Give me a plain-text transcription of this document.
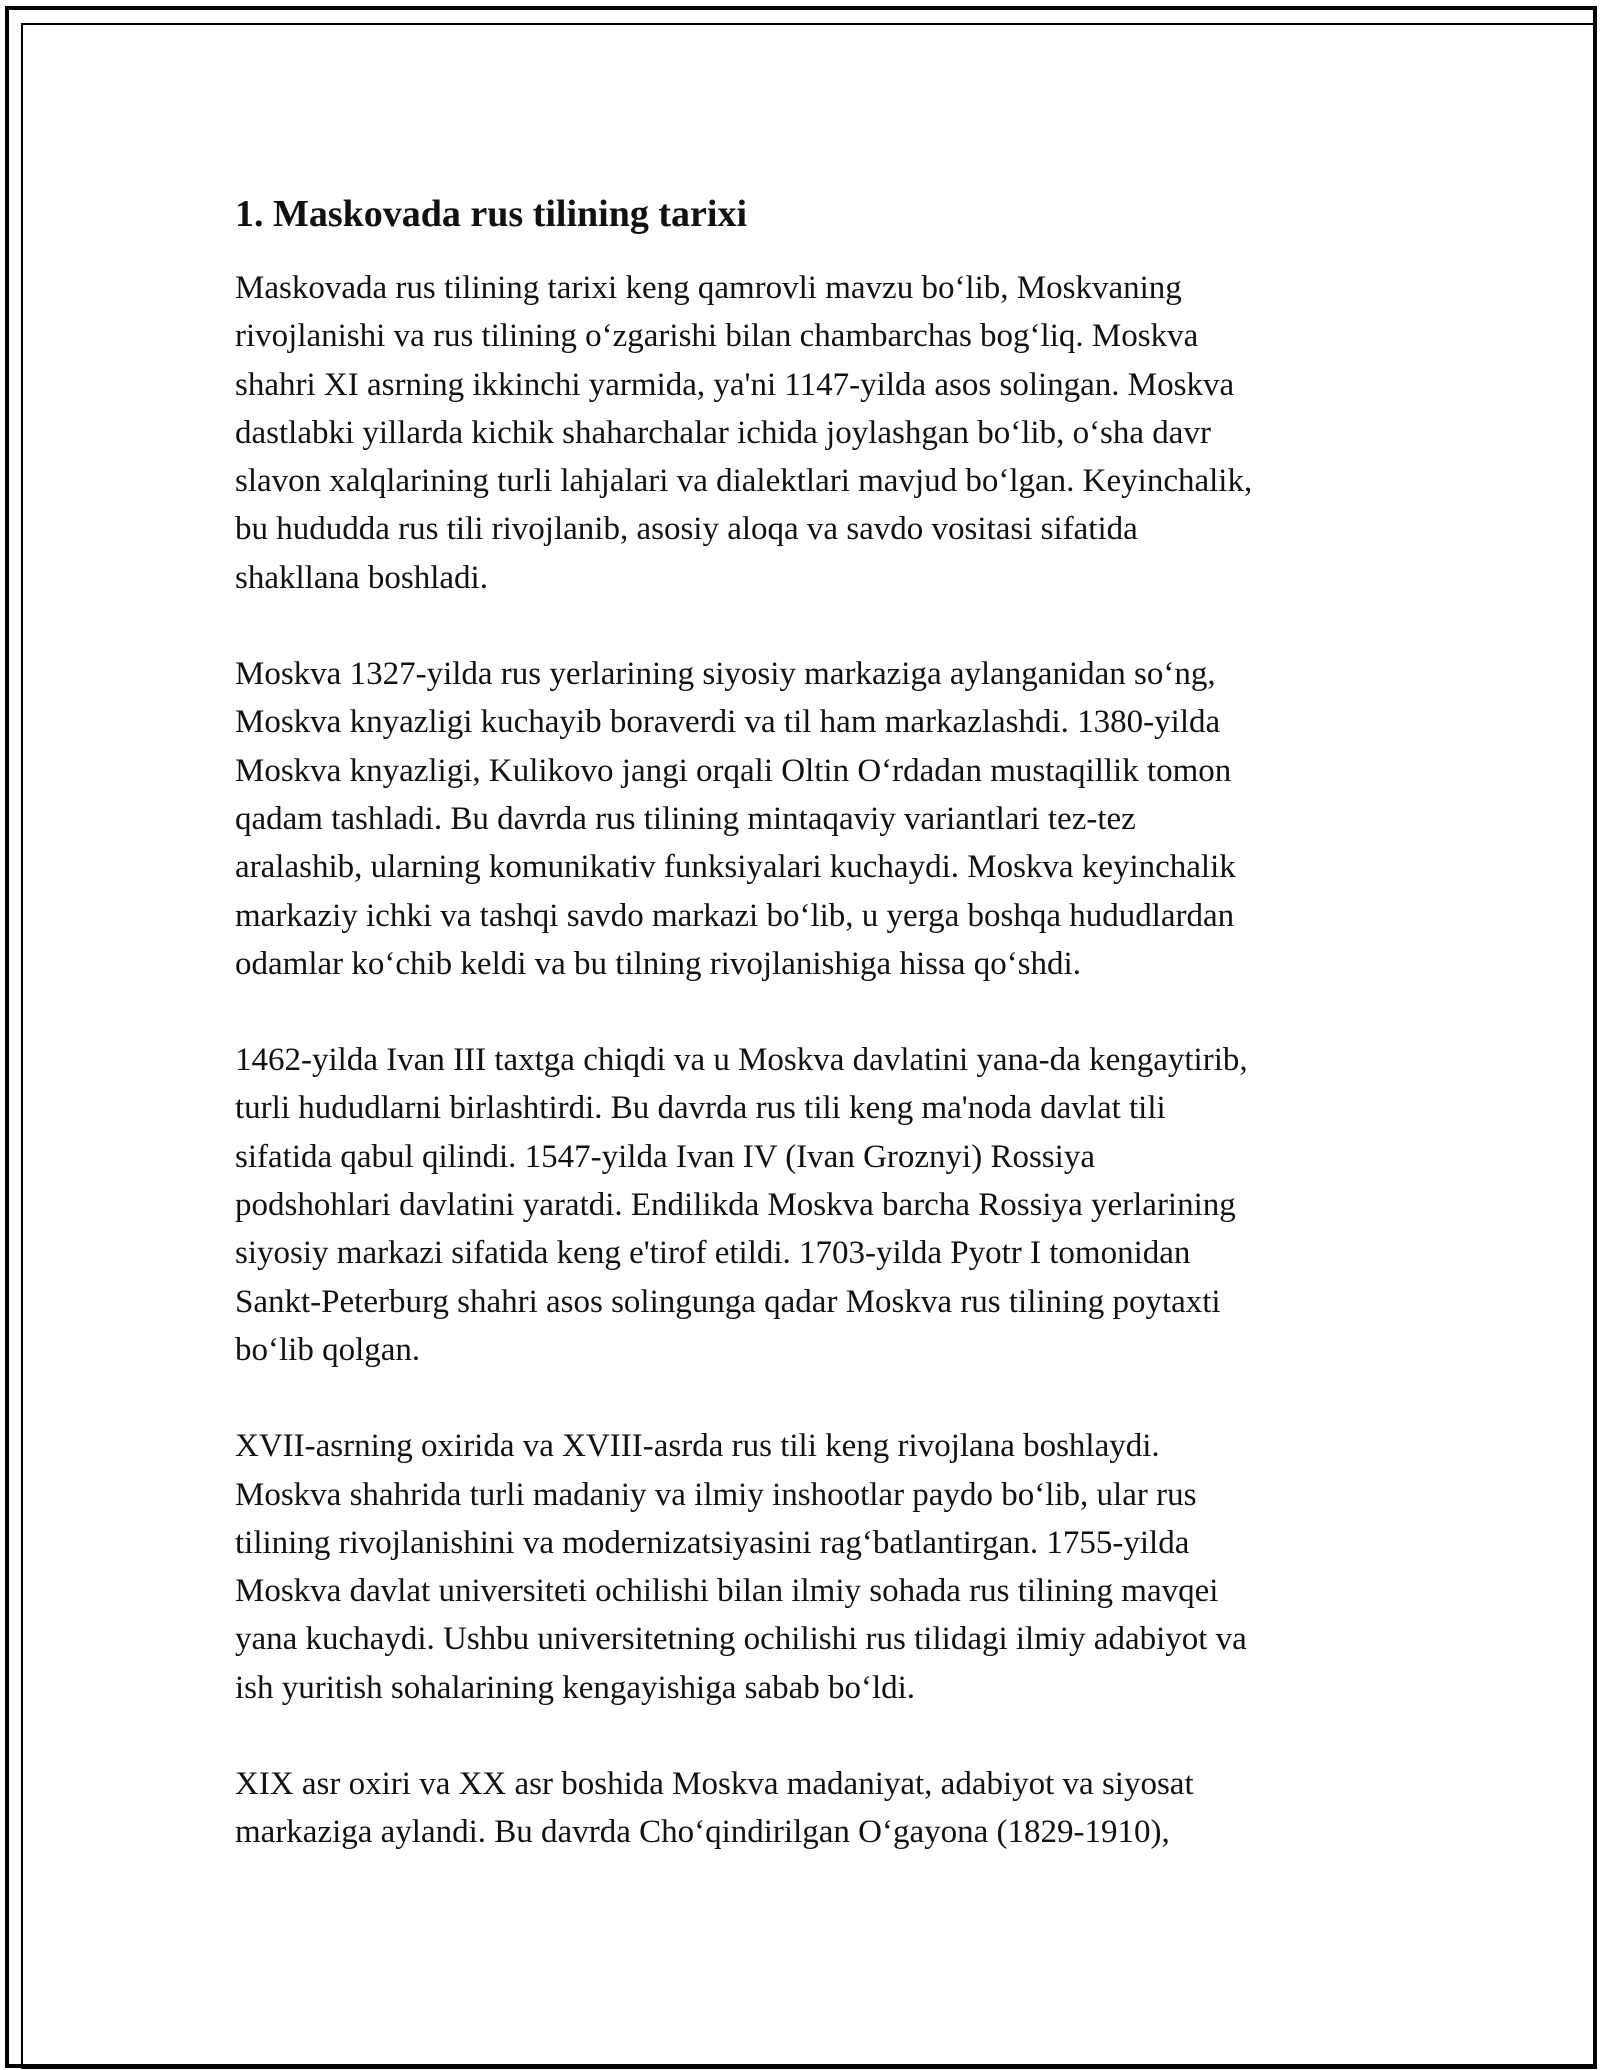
1. Maskovada rus tilining tarixi

Maskovada rus tilining tarixi keng qamrovli mavzu bo‘lib, Moskvaning
rivojlanishi va rus tilining o‘zgarishi bilan chambarchas bog‘liq. Moskva
shahri XI asrning ikkinchi yarmida, ya'ni 1147-yilda asos solingan. Moskva
dastlabki yillarda kichik shaharchalar ichida joylashgan bo‘lib, o‘sha davr
slavon xalqlarining turli lahjalari va dialektlari mavjud bo‘lgan. Keyinchalik,
bu hududda rus tili rivojlanib, asosiy aloqa va savdo vositasi sifatida
shakllana boshladi.

Moskva 1327-yilda rus yerlarining siyosiy markaziga aylanganidan so‘ng,
Moskva knyazligi kuchayib boraverdi va til ham markazlashdi. 1380-yilda
Moskva knyazligi, Kulikovo jangi orqali Oltin O‘rdadan mustaqillik tomon
qadam tashladi. Bu davrda rus tilining mintaqaviy variantlari tez-tez
aralashib, ularning komunikativ funksiyalari kuchaydi. Moskva keyinchalik
markaziy ichki va tashqi savdo markazi bo‘lib, u yerga boshqa hududlardan
odamlar ko‘chib keldi va bu tilning rivojlanishiga hissa qo‘shdi.

1462-yilda Ivan III taxtga chiqdi va u Moskva davlatini yana-da kengaytirib,
turli hududlarni birlashtirdi. Bu davrda rus tili keng ma'noda davlat tili
sifatida qabul qilindi. 1547-yilda Ivan IV (Ivan Groznyi) Rossiya
podshohlari davlatini yaratdi. Endilikda Moskva barcha Rossiya yerlarining
siyosiy markazi sifatida keng e'tirof etildi. 1703-yilda Pyotr I tomonidan
Sankt-Peterburg shahri asos solingunga qadar Moskva rus tilining poytaxti
bo‘lib qolgan.

XVII-asrning oxirida va XVIII-asrda rus tili keng rivojlana boshlaydi.
Moskva shahrida turli madaniy va ilmiy inshootlar paydo bo‘lib, ular rus
tilining rivojlanishini va modernizatsiyasini rag‘batlantirgan. 1755-yilda
Moskva davlat universiteti ochilishi bilan ilmiy sohada rus tilining mavqei
yana kuchaydi. Ushbu universitetning ochilishi rus tilidagi ilmiy adabiyot va
ish yuritish sohalarining kengayishiga sabab bo‘ldi.

XIX asr oxiri va XX asr boshida Moskva madaniyat, adabiyot va siyosat
markaziga aylandi. Bu davrda Cho‘qindirilgan O‘gayona (1829-1910),
